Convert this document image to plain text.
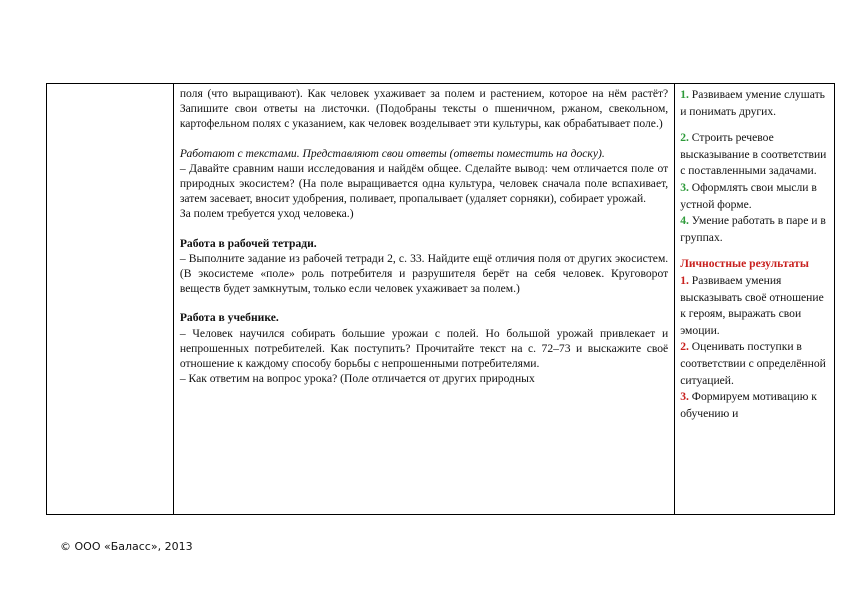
поля (что выращивают). Как человек ухаживает за полем и растением, которое на нём растёт? Запишите свои ответы на листочки. (Подобраны тексты о пшеничном, ржаном, свекольном, картофельном полях с указанием, как человек возделывает эти культуры, как обрабатывает поле.)

Работают с текстами. Представляют свои ответы (ответы поместить на доску).

– Давайте сравним наши исследования и найдём общее. Сделайте вывод: чем отличается поле от природных экосистем? (На поле выращивается одна культура, человек сначала поле вспахивает, затем засевает, вносит удобрения, поливает, пропалывает (удаляет сорняки), собирает урожай.

За полем требуется уход человека.)

Работа в рабочей тетради.

– Выполните задание из рабочей тетради 2, с. 33. Найдите ещё отличия поля от других экосистем. (В экосистеме «поле» роль потребителя и разрушителя берёт на себя человек. Круговорот веществ будет замкнутым, только если человек ухаживает за полем.)

Работа в учебнике.

– Человек научился собирать большие урожаи с полей. Но большой урожай привлекает и непрошенных потребителей. Как поступить? Прочитайте текст на с. 72–73 и выскажите своё отношение к каждому способу борьбы с непрошенными потребителями.

– Как ответим на вопрос урока? (Поле отличается от других природных

1. Развиваем умение слушать и понимать других.

2. Строить речевое высказывание в соответствии с поставленными задачами.

3. Оформлять свои мысли в устной форме.

4. Умение работать в паре и в группах.

Личностные результаты

1. Развиваем умения высказывать своё отношение к героям, выражать свои эмоции.

2. Оценивать поступки в соответствии с определённой ситуацией.

3. Формируем мотивацию к обучению и

© ООО «Баласс», 2013
